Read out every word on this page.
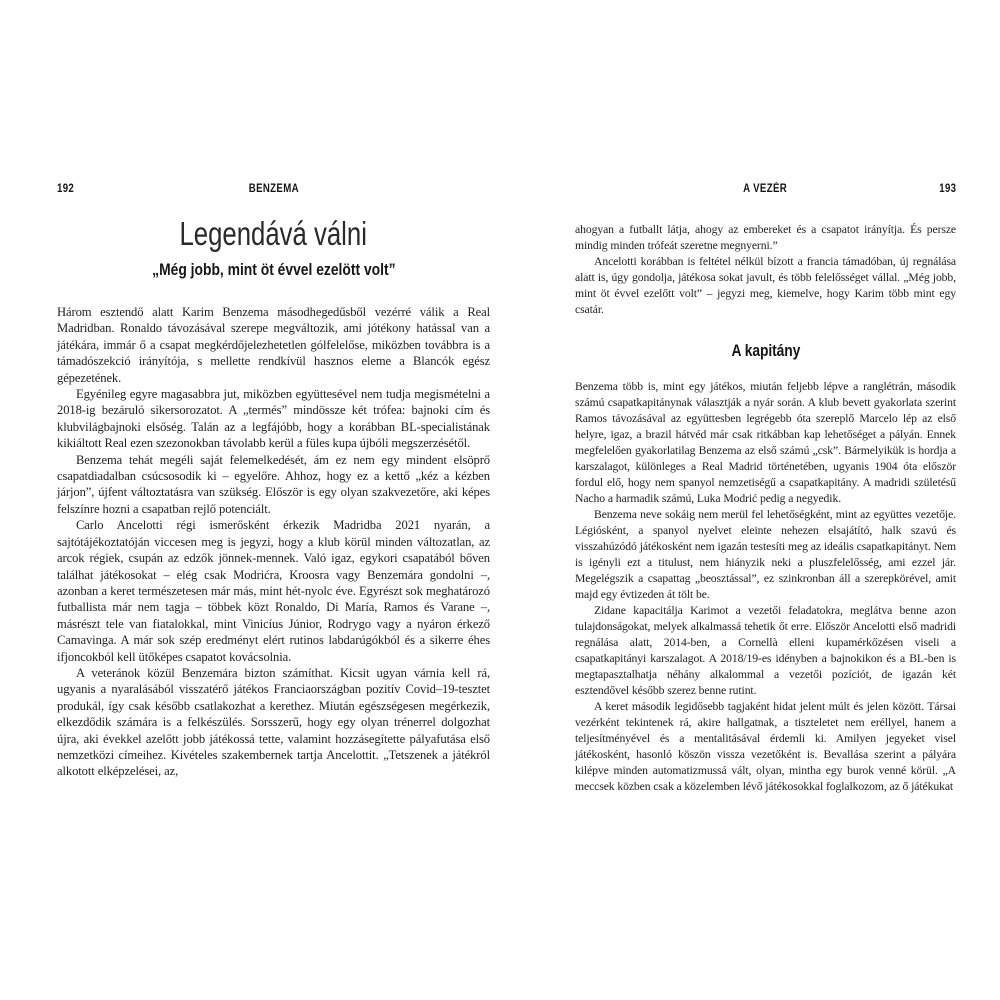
192	BENZEMA
Legendává válni
„Még jobb, mint öt évvel ezelött volt”

Három esztendő alatt Karim Benzema másodhegedűsből vezérré válik a Real Madridban. Ronaldo távozásával szerepe megváltozik, ami jótékony hatással van a játékára, immár ő a csapat megkérdőjelezhetetlen gólfelelőse, miközben továbbra is a támadószekció irányítója, s mellette rendkívül hasznos eleme a Blancók egész gépezetének.

Egyénileg egyre magasabbra jut, miközben együttesével nem tudja megismételni a 2018-ig bezáruló sikersorozatot. A „termés” mindössze két trófea: bajnoki cím és klubvilágbajnoki elsőség. Talán az a legfájóbb, hogy a korábban BL-specialistának kikiáltott Real ezen szezonokban távolabb kerül a füles kupa újbóli megszerzésétől.

Benzema tehát megéli saját felemelkedését, ám ez nem egy mindent elsöprő csapatdiadalban csúcsosodik ki – egyelőre. Ahhoz, hogy ez a kettő „kéz a kézben járjon”, újfent változtatásra van szükség. Először is egy olyan szakvezetőre, aki képes felszínre hozni a csapatban rejlő potenciált.

Carlo Ancelotti régi ismerősként érkezik Madridba 2021 nyarán, a sajtótájékoztatóján viccesen meg is jegyzi, hogy a klub körül minden változatlan, az arcok régiek, csupán az edzők jönnek-mennek. Való igaz, egykori csapatából bőven találhat játékosokat – elég csak Modrićra, Kroosra vagy Benzemára gondolni –, azonban a keret természetesen már más, mint hét-nyolc éve. Egyrészt sok meghatározó futballista már nem tagja – többek közt Ronaldo, Di María, Ramos és Varane –, másrészt tele van fiatalokkal, mint Vinicíus Júnior, Rodrygo vagy a nyáron érkező Camavinga. A már sok szép eredményt elért rutinos labdarúgókból és a sikerre éhes ifjoncokból kell ütőképes csapatot kovácsolnia.

A veteránok közül Benzemára bizton számíthat. Kicsit ugyan várnia kell rá, ugyanis a nyaralásából visszatérő játékos Franciaországban pozitív Covid–19-tesztet produkál, így csak később csatlakozhat a kerethez. Miután egészségesen megérkezik, elkezdődik számára is a felkészülés. Sorsszerű, hogy egy olyan trénerrel dolgozhat újra, aki évekkel azelőtt jobb játékossá tette, valamint hozzásegítette pályafutása első nemzetközi címeihez. Kivételes szakembernek tartja Ancelottit. „Tetszenek a játékról alkotott elképzelései, az,

A VEZÉR	193

ahogyan a futballt látja, ahogy az embereket és a csapatot irányítja. És persze mindig minden trófeát szeretne megnyerni.”

Ancelotti korábban is feltétel nélkül bízott a francia támadóban, új regnálása alatt is, úgy gondolja, játékosa sokat javult, és több felelősséget vállal. „Még jobb, mint öt évvel ezelőtt volt” – jegyzi meg, kiemelve, hogy Karim több mint egy csatár.

A kapitány

Benzema több is, mint egy játékos, miután feljebb lépve a ranglétrán, második számú csapatkapitánynak választják a nyár során. A klub bevett gyakorlata szerint Ramos távozásával az együttesben legrégebb óta szereplő Marcelo lép az első helyre, igaz, a brazil hátvéd már csak ritkábban kap lehetőséget a pályán. Ennek megfelelően gyakorlatilag Benzema az első számú „csk”. Bármelyikük is hordja a karszalagot, különleges a Real Madrid történetében, ugyanis 1904 óta először fordul elő, hogy nem spanyol nemzetiségű a csapatkapitány. A madridi születésű Nacho a harmadik számú, Luka Modrić pedig a negyedik.

Benzema neve sokáig nem merül fel lehetőségként, mint az együttes vezetője. Légiósként, a spanyol nyelvet eleinte nehezen elsajátító, halk szavú és visszahúzódó játékosként nem igazán testesíti meg az ideális csapatkapitányt. Nem is igényli ezt a titulust, nem hiányzik neki a pluszfelelősség, ami ezzel jár. Megelégszik a csapattag „beosztással”, ez szinkronban áll a szerepkörével, amit majd egy évtizeden át tölt be.

Zidane kapacitálja Karimot a vezetői feladatokra, meglátva benne azon tulajdonságokat, melyek alkalmassá tehetik őt erre. Először Ancelotti első madridi regnálása alatt, 2014-ben, a Cornellà elleni kupamérkőzésen viseli a csapatkapitányi karszalagot. A 2018/19-es idényben a bajnokikon és a BL-ben is megtapasztalhatja néhány alkalommal a vezetői pozíciót, de igazán két esztendővel később szerez benne rutint.

A keret második legidősebb tagjaként hidat jelent múlt és jelen között. Társai vezérként tekintenek rá, akire hallgatnak, a tiszteletet nem eréllyel, hanem a teljesítményével és a mentalitásával érdemli ki. Amilyen jegyeket visel játékosként, hasonló köszön vissza vezetőként is. Bevallása szerint a pályára kilépve minden automatizmussá vált, olyan, mintha egy burok venné körül. „A meccsek közben csak a közelemben lévő játékosokkal foglalkozom, az ő játékukat
